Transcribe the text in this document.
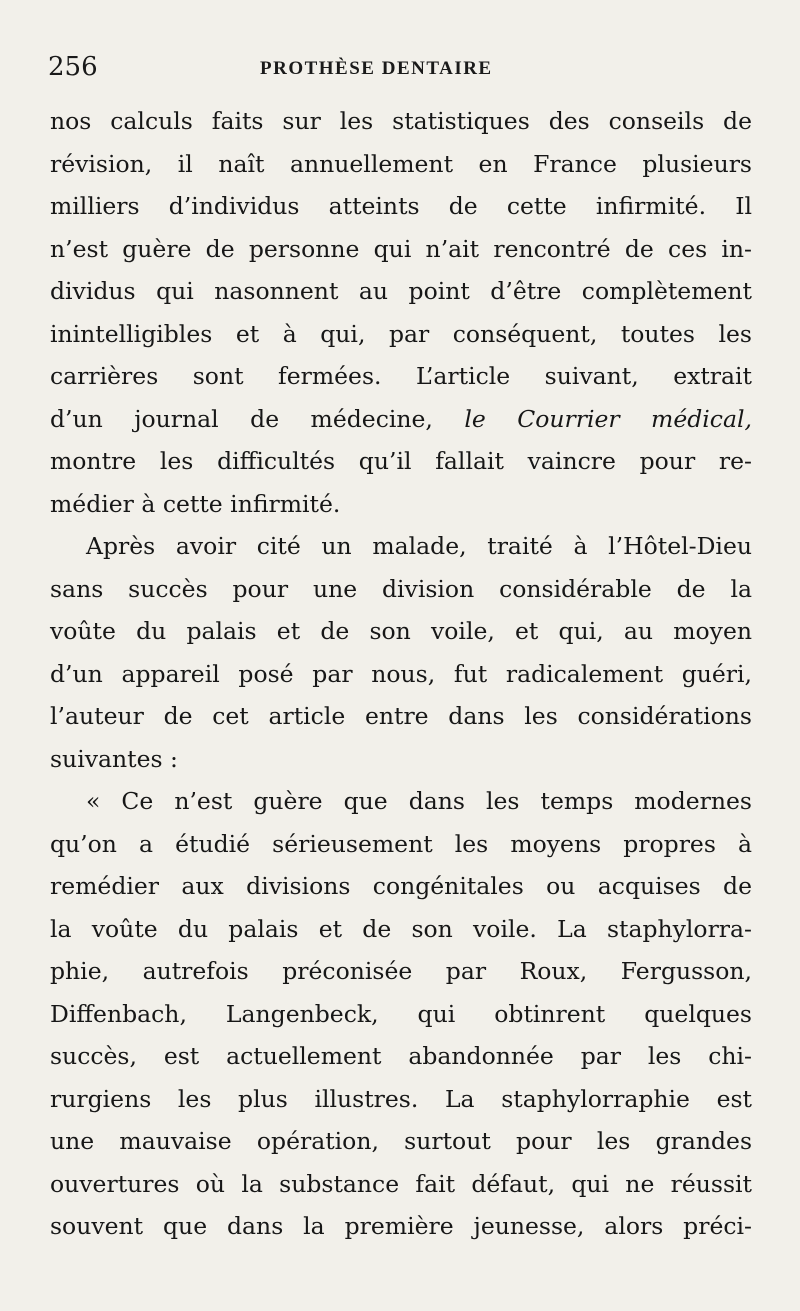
256	PROTHÈSE DENTAIRE
nos calculs faits sur les statistiques des conseils de
révision, il naît annuellement en France plusieurs
milliers d’individus atteints de cette infirmité. Il
n’est guère de personne qui n’ait rencontré de ces in-
dividus qui nasonnent au point d’être complètement
inintelligibles et à qui, par conséquent, toutes les
carrières sont fermées. L’article suivant, extrait
d’un journal de médecine, le Courrier médical,
montre les difficultés qu’il fallait vaincre pour re-
médier à cette infirmité.
Après avoir cité un malade, traité à l’Hôtel-Dieu
sans succès pour une division considérable de la
voûte du palais et de son voile, et qui, au moyen
d’un appareil posé par nous, fut radicalement guéri,
l’auteur de cet article entre dans les considérations
suivantes :
« Ce n’est guère que dans les temps modernes
qu’on a étudié sérieusement les moyens propres à
remédier aux divisions congénitales ou acquises de
la voûte du palais et de son voile. La staphylorra-
phie, autrefois préconisée par Roux, Fergusson,
Diffenbach, Langenbeck, qui obtinrent quelques
succès, est actuellement abandonnée par les chi-
rurgiens les plus illustres. La staphylorraphie est
une mauvaise opération, surtout pour les grandes
ouvertures où la substance fait défaut, qui ne réussit
souvent que dans la première jeunesse, alors préci-
